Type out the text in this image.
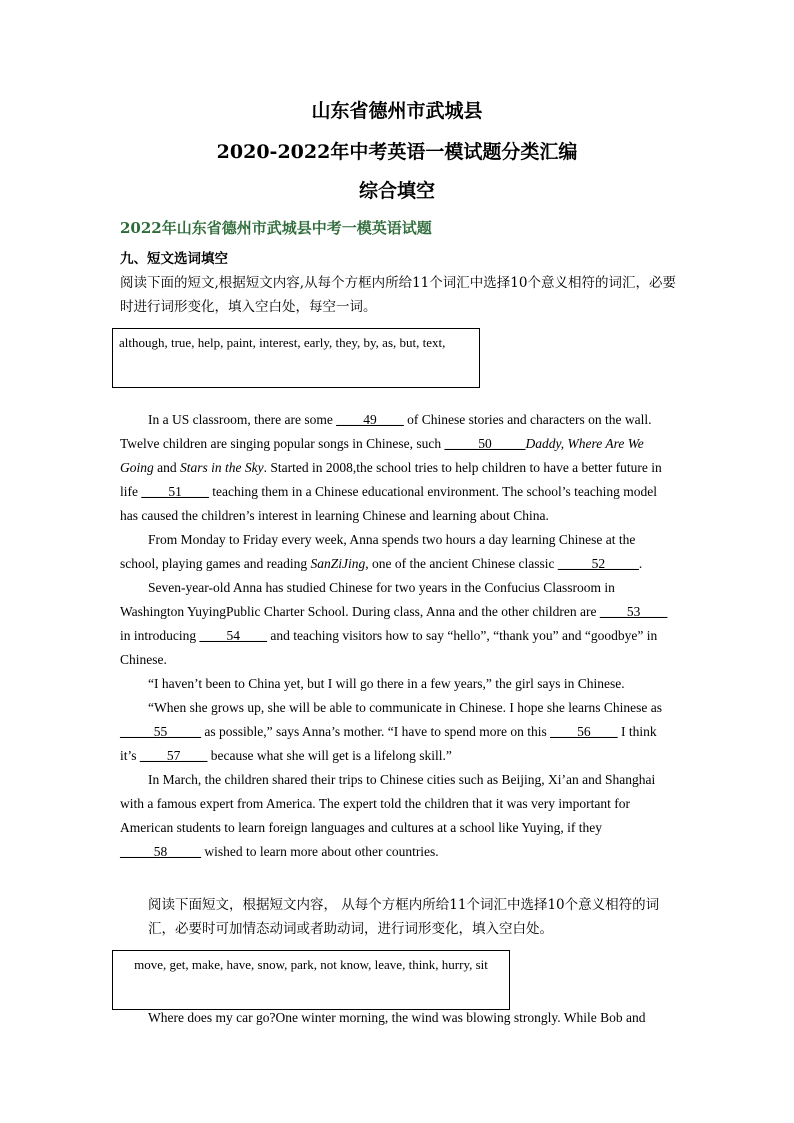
山东省德州市武城县
2020-2022年中考英语一模试题分类汇编
综合填空
2022年山东省德州市武城县中考一模英语试题
九、短文选词填空
阅读下面的短文,根据短文内容,从每个方框内所给11个词汇中选择10个意义相符的词汇，必要时进行词形变化，填入空白处，每空一词。
although, true, help, paint, interest, early, they, by, as, but, text,

In a US classroom, there are some ____49____ of Chinese stories and characters on the wall. Twelve children are singing popular songs in Chinese, such _____50_____Daddy, Where Are We Going and Stars in the Sky. Started in 2008,the school tries to help children to have a better future in life ____51____ teaching them in a Chinese educational environment. The school’s teaching model has caused the children’s interest in learning Chinese and learning about China.

From Monday to Friday every week, Anna spends two hours a day learning Chinese at the school, playing games and reading SanZiJing, one of the ancient Chinese classic _____52_____.

Seven-year-old Anna has studied Chinese for two years in the Confucius Classroom in Washington YuyingPublic Charter School. During class, Anna and the other children are ____53____ in introducing ____54____ and teaching visitors how to say “hello”, “thank you” and “goodbye” in Chinese.

“I haven’t been to China yet, but I will go there in a few years,” the girl says in Chinese.

“When she grows up, she will be able to communicate in Chinese. I hope she learns Chinese as _____55_____ as possible,” says Anna’s mother. “I have to spend more on this ____56____ I think it’s ____57____ because what she will get is a lifelong skill.”

In March, the children shared their trips to Chinese cities such as Beijing, Xi’an and Shanghai with a famous expert from America. The expert told the children that it was very important for American students to learn foreign languages and cultures at a school like Yuying, if they _____58_____ wished to learn more about other countries.

阅读下面短文，根据短文内容， 从每个方框内所给11个词汇中选择10个意义相符的词汇，必要时可加情态动词或者助动词，进行词形变化，填入空白处。
move, get, make, have, snow, park, not know, leave, think, hurry, sit

Where does my car go?One winter morning, the wind was blowing strongly. While Bob and
